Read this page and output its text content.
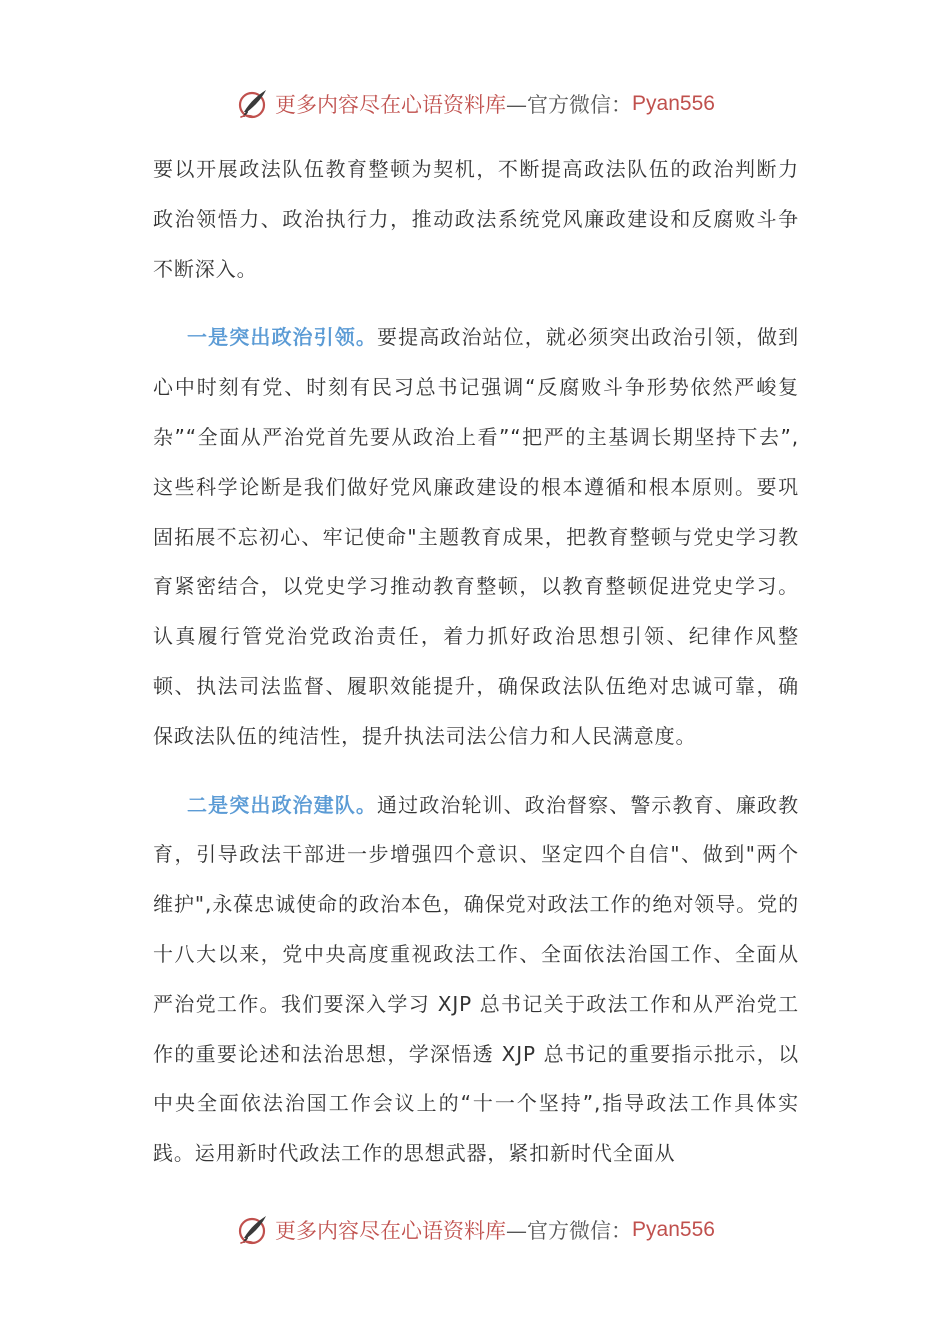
更多内容尽在心语资料库 —官方微信： Pyan556

要以开展政法队伍教育整顿为契机，不断提高政法队伍的政治判断力政治领悟力、政治执行力，推动政法系统党风廉政建设和反腐败斗争不断深入。

一是突出政治引领。要提高政治站位，就必须突出政治引领，做到心中时刻有党、时刻有民习总书记强调“反腐败斗争形势依然严峻复杂”“全面从严治党首先要从政治上看”“把严的主基调长期坚持下去”,这些科学论断是我们做好党风廉政建设的根本遵循和根本原则。要巩固拓展不忘初心、牢记使命"主题教育成果，把教育整顿与党史学习教育紧密结合，以党史学习推动教育整顿，以教育整顿促进党史学习。认真履行管党治党政治责任，着力抓好政治思想引领、纪律作风整顿、执法司法监督、履职效能提升，确保政法队伍绝对忠诚可靠，确保政法队伍的纯洁性，提升执法司法公信力和人民满意度。

二是突出政治建队。通过政治轮训、政治督察、警示教育、廉政教育，引导政法干部进一步增强四个意识、坚定四个自信"、做到"两个维护",永葆忠诚使命的政治本色，确保党对政法工作的绝对领导。党的十八大以来，党中央高度重视政法工作、全面依法治国工作、全面从严治党工作。我们要深入学习 XJP 总书记关于政法工作和从严治党工作的重要论述和法治思想，学深悟透 XJP 总书记的重要指示批示，以中央全面依法治国工作会议上的“十一个坚持”,指导政法工作具体实践。运用新时代政法工作的思想武器，紧扣新时代全面从

更多内容尽在心语资料库 —官方微信： Pyan556
